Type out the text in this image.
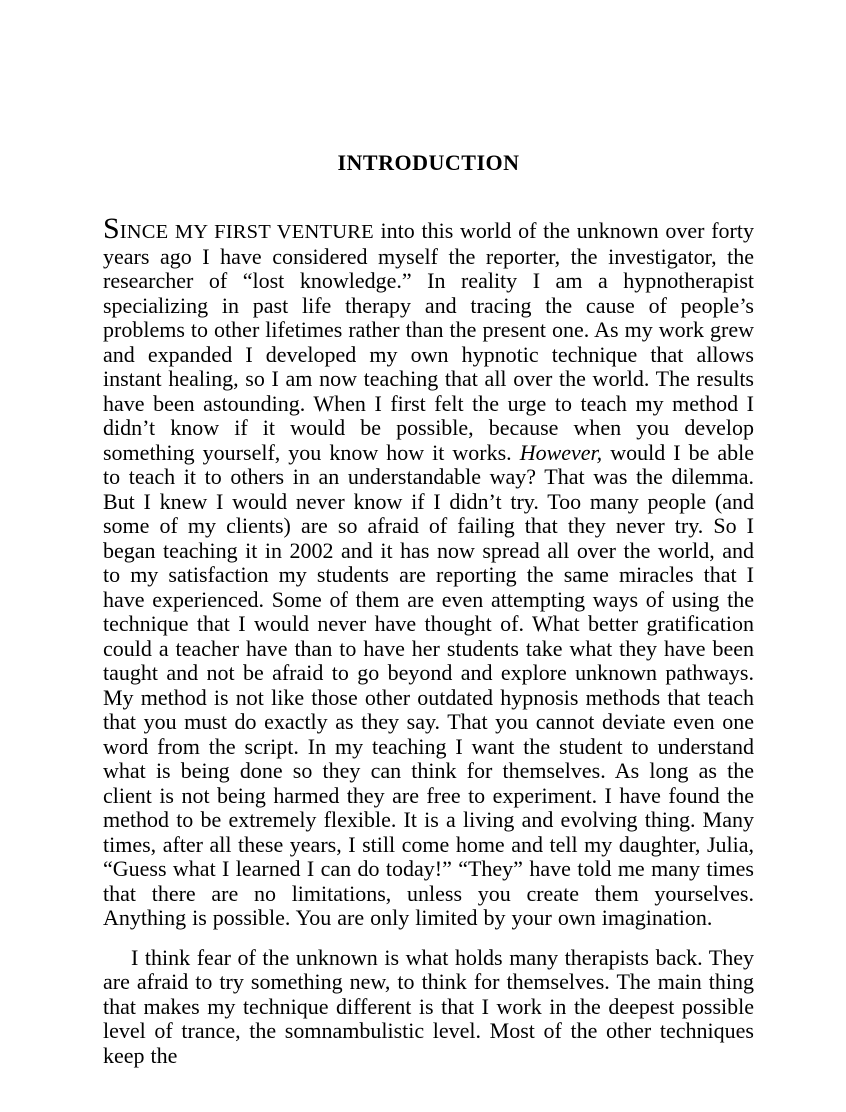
INTRODUCTION

SINCE MY FIRST VENTURE into this world of the unknown over forty years ago I have considered myself the reporter, the investigator, the researcher of “lost knowledge.” In reality I am a hypnotherapist specializing in past life therapy and tracing the cause of people’s problems to other lifetimes rather than the present one. As my work grew and expanded I developed my own hypnotic technique that allows instant healing, so I am now teaching that all over the world. The results have been astounding. When I first felt the urge to teach my method I didn’t know if it would be possible, because when you develop something yourself, you know how it works. However, would I be able to teach it to others in an understandable way? That was the dilemma. But I knew I would never know if I didn’t try. Too many people (and some of my clients) are so afraid of failing that they never try. So I began teaching it in 2002 and it has now spread all over the world, and to my satisfaction my students are reporting the same miracles that I have experienced. Some of them are even attempting ways of using the technique that I would never have thought of. What better gratification could a teacher have than to have her students take what they have been taught and not be afraid to go beyond and explore unknown pathways. My method is not like those other outdated hypnosis methods that teach that you must do exactly as they say. That you cannot deviate even one word from the script. In my teaching I want the student to understand what is being done so they can think for themselves. As long as the client is not being harmed they are free to experiment. I have found the method to be extremely flexible. It is a living and evolving thing. Many times, after all these years, I still come home and tell my daughter, Julia, “Guess what I learned I can do today!” “They” have told me many times that there are no limitations, unless you create them yourselves. Anything is possible. You are only limited by your own imagination.

I think fear of the unknown is what holds many therapists back. They are afraid to try something new, to think for themselves. The main thing that makes my technique different is that I work in the deepest possible level of trance, the somnambulistic level. Most of the other techniques keep the
